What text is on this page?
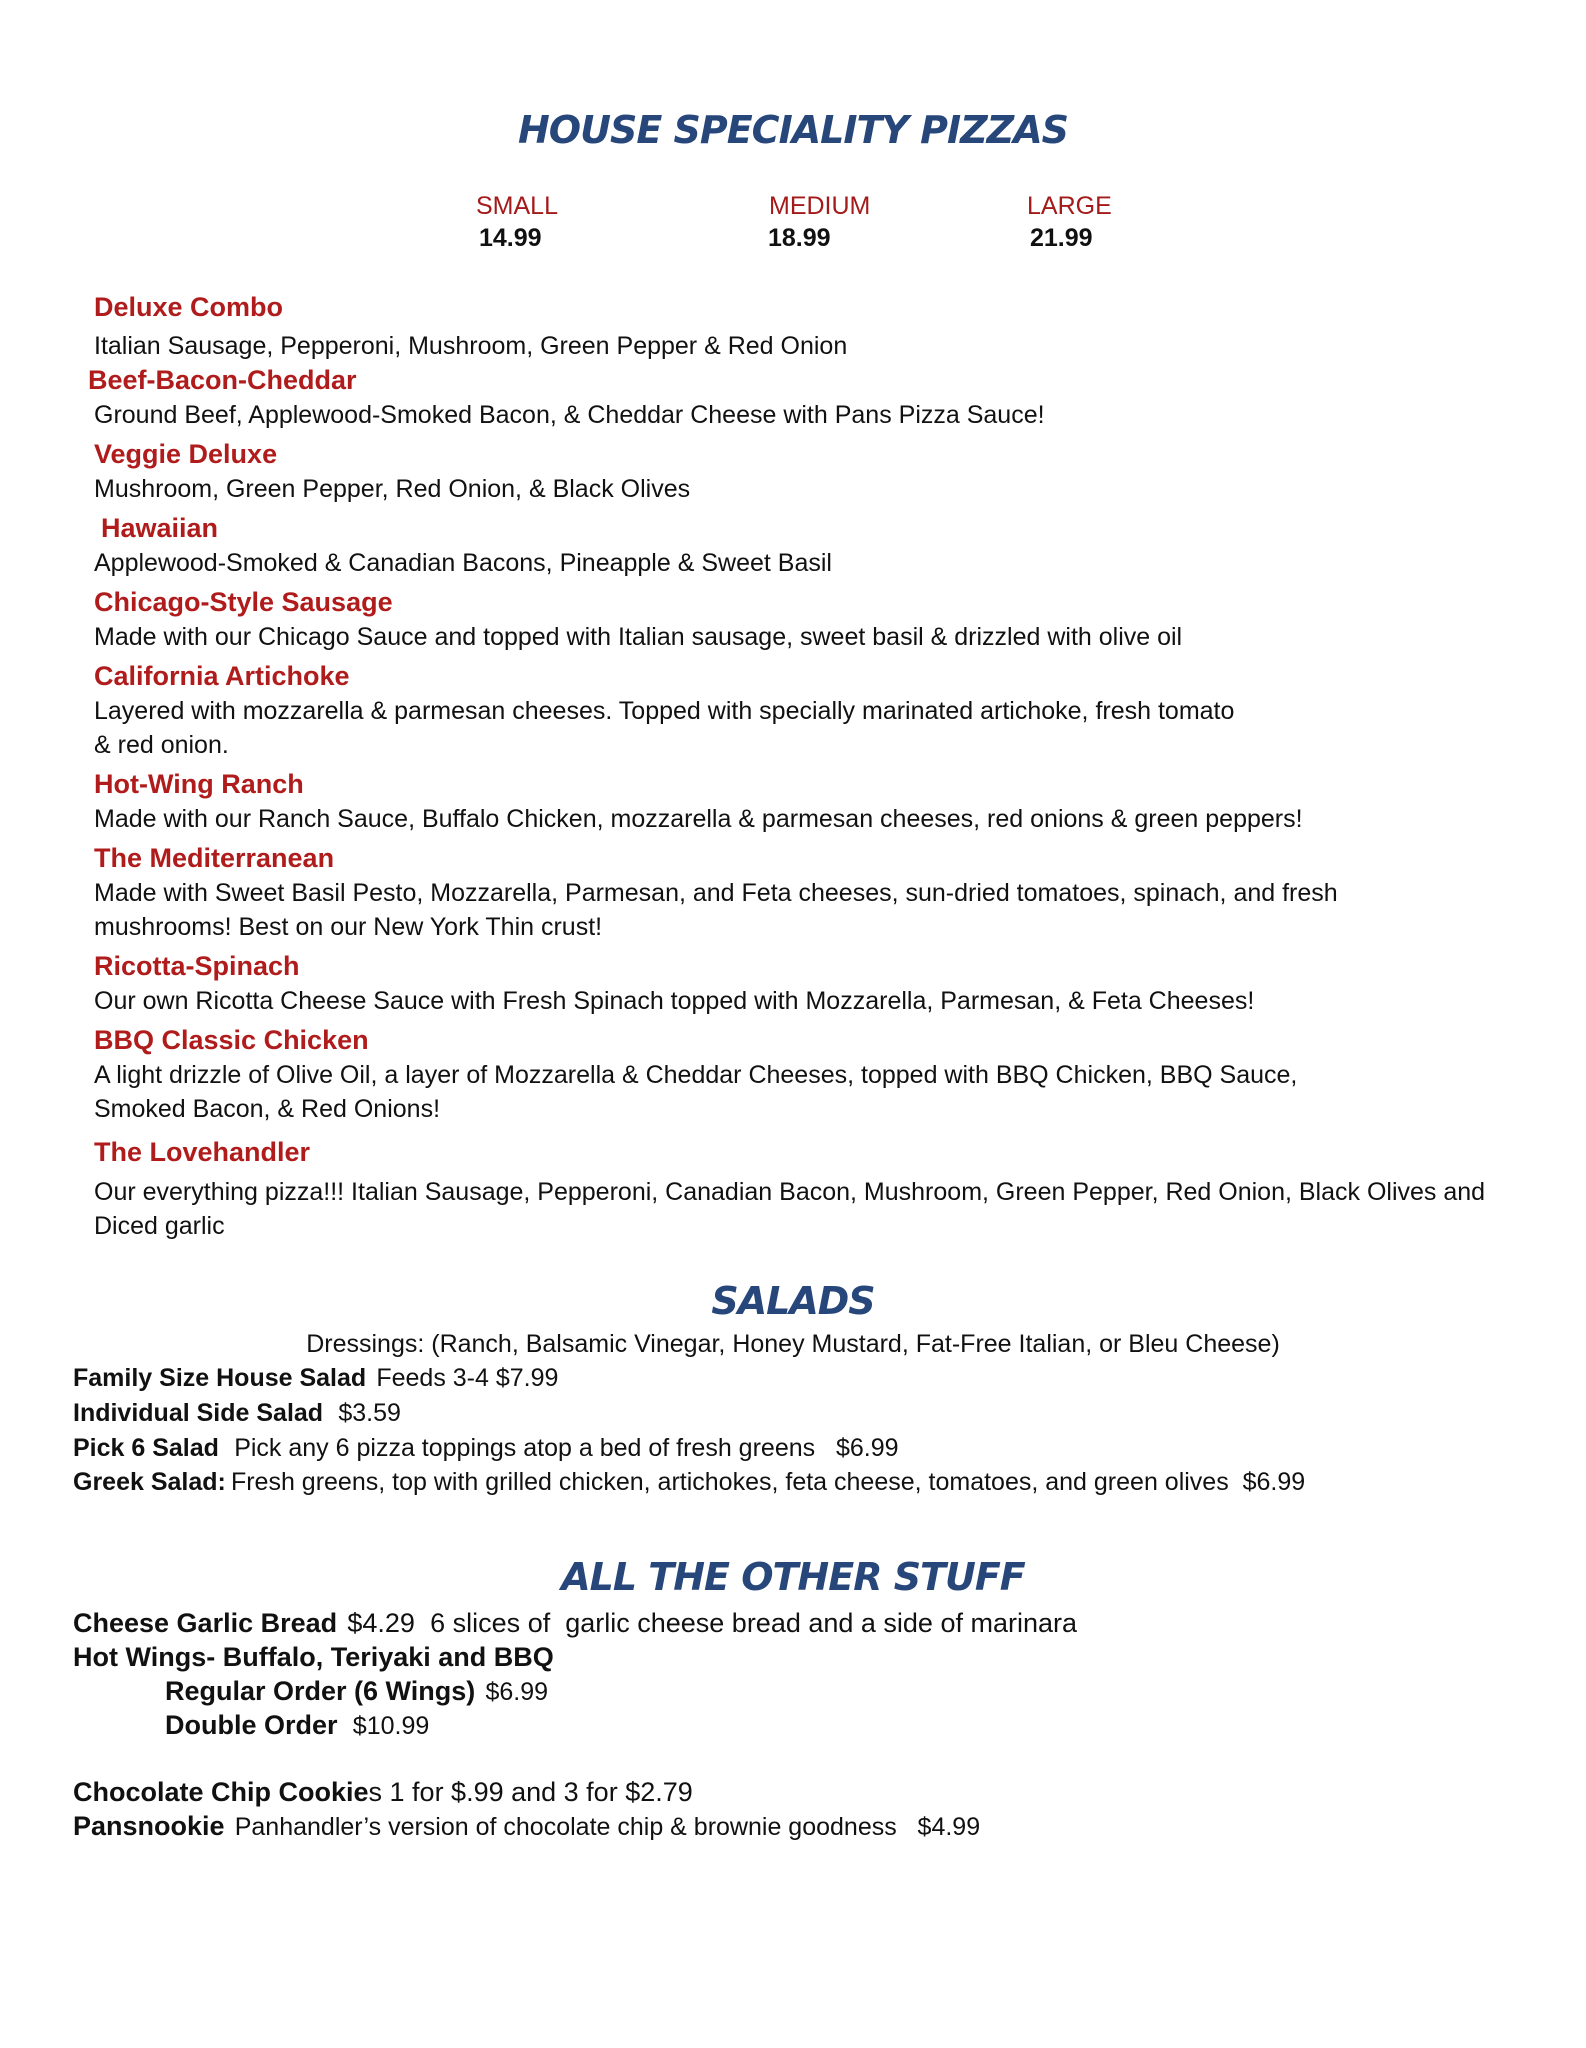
HOUSE SPECIALITY PIZZAS
SMALL
14.99
MEDIUM
18.99
LARGE
21.99
Deluxe Combo
Italian Sausage, Pepperoni, Mushroom, Green Pepper & Red Onion
Beef-Bacon-Cheddar
Ground Beef, Applewood-Smoked Bacon, & Cheddar Cheese with Pans Pizza Sauce!
Veggie Deluxe
Mushroom, Green Pepper, Red Onion, & Black Olives
Hawaiian
Applewood-Smoked & Canadian Bacons, Pineapple & Sweet Basil
Chicago-Style Sausage
Made with our Chicago Sauce and topped with Italian sausage, sweet basil & drizzled with olive oil
California Artichoke
Layered with mozzarella & parmesan cheeses. Topped with specially marinated artichoke, fresh tomato
& red onion.
Hot-Wing Ranch
Made with our Ranch Sauce, Buffalo Chicken, mozzarella & parmesan cheeses, red onions & green peppers!
The Mediterranean
Made with Sweet Basil Pesto, Mozzarella, Parmesan, and Feta cheeses, sun-dried tomatoes, spinach, and fresh
mushrooms! Best on our New York Thin crust!
Ricotta-Spinach
Our own Ricotta Cheese Sauce with Fresh Spinach topped with Mozzarella, Parmesan, & Feta Cheeses!
BBQ Classic Chicken
A light drizzle of Olive Oil, a layer of Mozzarella & Cheddar Cheeses, topped with BBQ Chicken, BBQ Sauce,
Smoked Bacon, & Red Onions!
The Lovehandler
Our everything pizza!!! Italian Sausage, Pepperoni, Canadian Bacon, Mushroom, Green Pepper, Red Onion, Black Olives and
Diced garlic
SALADS
Dressings: (Ranch, Balsamic Vinegar, Honey Mustard, Fat-Free Italian, or Bleu Cheese)
Family Size House Salad Feeds 3-4 $7.99
Individual Side Salad $3.59
Pick 6 Salad Pick any 6 pizza toppings atop a bed of fresh greens   $6.99
Greek Salad: Fresh greens, top with grilled chicken, artichokes, feta cheese, tomatoes, and green olives  $6.99
ALL THE OTHER STUFF
Cheese Garlic Bread $4.29 6 slices of  garlic cheese bread and a side of marinara
Hot Wings- Buffalo, Teriyaki and BBQ
Regular Order (6 Wings) $6.99
Double Order $10.99
Chocolate Chip Cookies 1 for $.99 and 3 for $2.79
Pansnookie Panhandler’s version of chocolate chip & brownie goodness   $4.99
